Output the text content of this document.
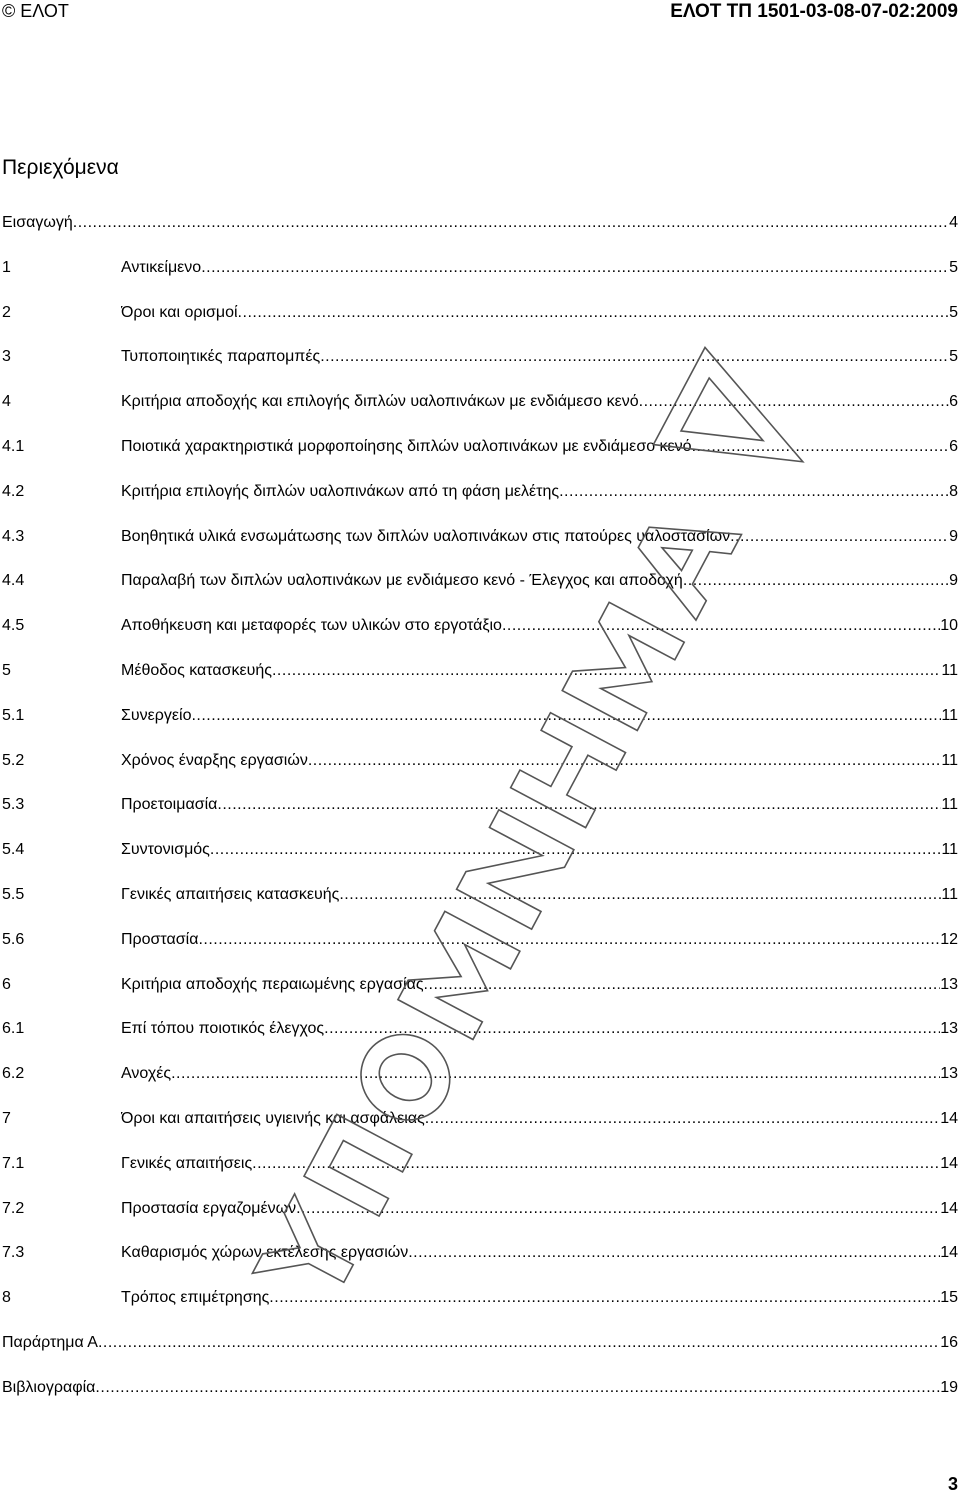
© ΕΛΟΤ	ΕΛΟΤ ΤΠ 1501-03-08-07-02:2009
Περιεχόμενα
Εισαγωγή .....	4
1	Αντικείμενο .....	5
2	Όροι και ορισμοί .....	5
3	Τυποποιητικές παραπομπές .....	5
4	Κριτήρια αποδοχής και επιλογής διπλών υαλοπινάκων με ενδιάμεσο κενό .....	6
4.1	Ποιοτικά χαρακτηριστικά μορφοποίησης διπλών υαλοπινάκων με ενδιάμεσο κενό .....	6
4.2	Κριτήρια επιλογής διπλών υαλοπινάκων από τη φάση μελέτης .....	8
4.3	Βοηθητικά υλικά ενσωμάτωσης των διπλών υαλοπινάκων στις πατούρες υαλοστασίων .....	9
4.4	Παραλαβή των διπλών υαλοπινάκων με ενδιάμεσο κενό - Έλεγχος και αποδοχή .....	9
4.5	Αποθήκευση και μεταφορές των υλικών στο εργοτάξιο .....	10
5	Μέθοδος κατασκευής .....	11
5.1	Συνεργείο .....	11
5.2	Χρόνος έναρξης εργασιών .....	11
5.3	Προετοιμασία .....	11
5.4	Συντονισμός .....	11
5.5	Γενικές απαιτήσεις κατασκευής .....	11
5.6	Προστασία .....	12
6	Κριτήρια αποδοχής περαιωμένης εργασίας .....	13
6.1	Επί τόπου ποιοτικός έλεγχος .....	13
6.2	Ανοχές .....	13
7	Όροι και απαιτήσεις υγιεινής και ασφάλειας .....	14
7.1	Γενικές απαιτήσεις .....	14
7.2	Προστασία εργαζομένων .....	14
7.3	Καθαρισμός χώρων εκτέλεσης εργασιών .....	14
8	Τρόπος επιμέτρησης .....	15
Παράρτημα Α .....	16
Βιβλιογραφία .....	19
3
